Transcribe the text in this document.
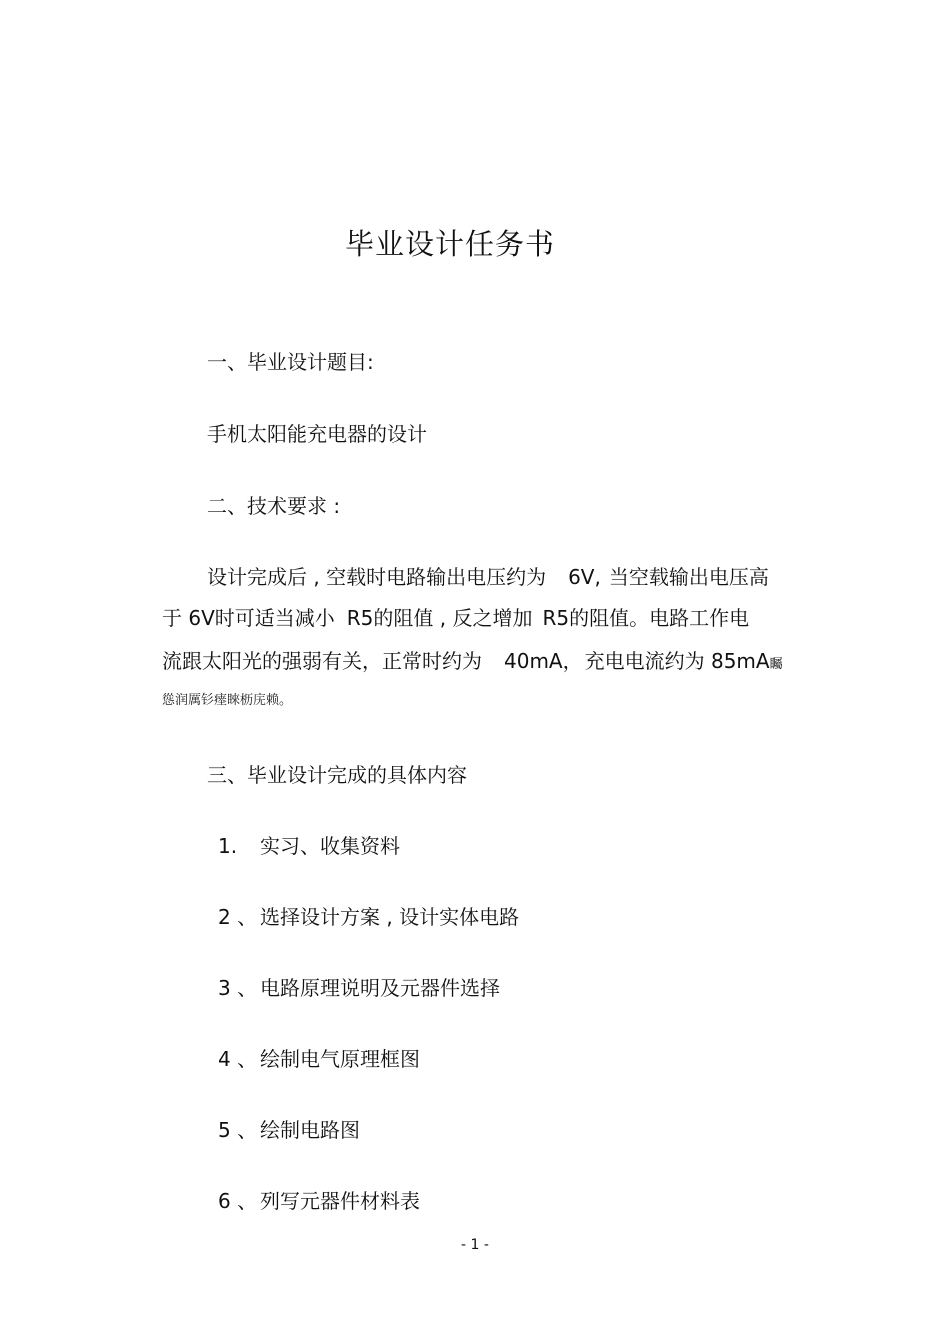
毕业设计任务书
一、毕业设计题目:
手机太阳能充电器的设计
二、技术要求 :
设计完成后 , 空载时电路输出电压约为 6V, 当空载输出电压高
于 6V时可适当减小 R5的阻值 , 反之增加 R5的阻值。电路工作电
流跟太阳光的强弱有关，正常时约为 40mA， 充电电流约为 85mA矚
慫润厲钐瘗睞枥庑赖。
三、毕业设计完成的具体内容
1. 实习、收集资料
2 、 选择设计方案 , 设计实体电路
3 、 电路原理说明及元器件选择
4 、 绘制电气原理框图
5 、 绘制电路图
6 、 列写元器件材料表
- 1 -
